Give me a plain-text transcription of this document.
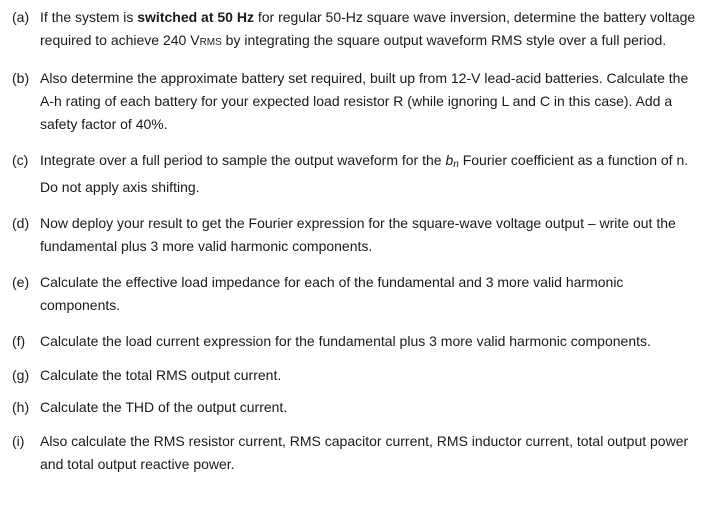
(a) If the system is switched at 50 Hz for regular 50-Hz square wave inversion, determine the battery voltage required to achieve 240 VRMS by integrating the square output waveform RMS style over a full period.
(b) Also determine the approximate battery set required, built up from 12-V lead-acid batteries. Calculate the A-h rating of each battery for your expected load resistor R (while ignoring L and C in this case). Add a safety factor of 40%.
(c) Integrate over a full period to sample the output waveform for the bn Fourier coefficient as a function of n. Do not apply axis shifting.
(d) Now deploy your result to get the Fourier expression for the square-wave voltage output – write out the fundamental plus 3 more valid harmonic components.
(e) Calculate the effective load impedance for each of the fundamental and 3 more valid harmonic components.
(f)	Calculate the load current expression for the fundamental plus 3 more valid harmonic components.
(g) Calculate the total RMS output current.
(h) Calculate the THD of the output current.
(i)	Also calculate the RMS resistor current, RMS capacitor current, RMS inductor current, total output power and total output reactive power.
